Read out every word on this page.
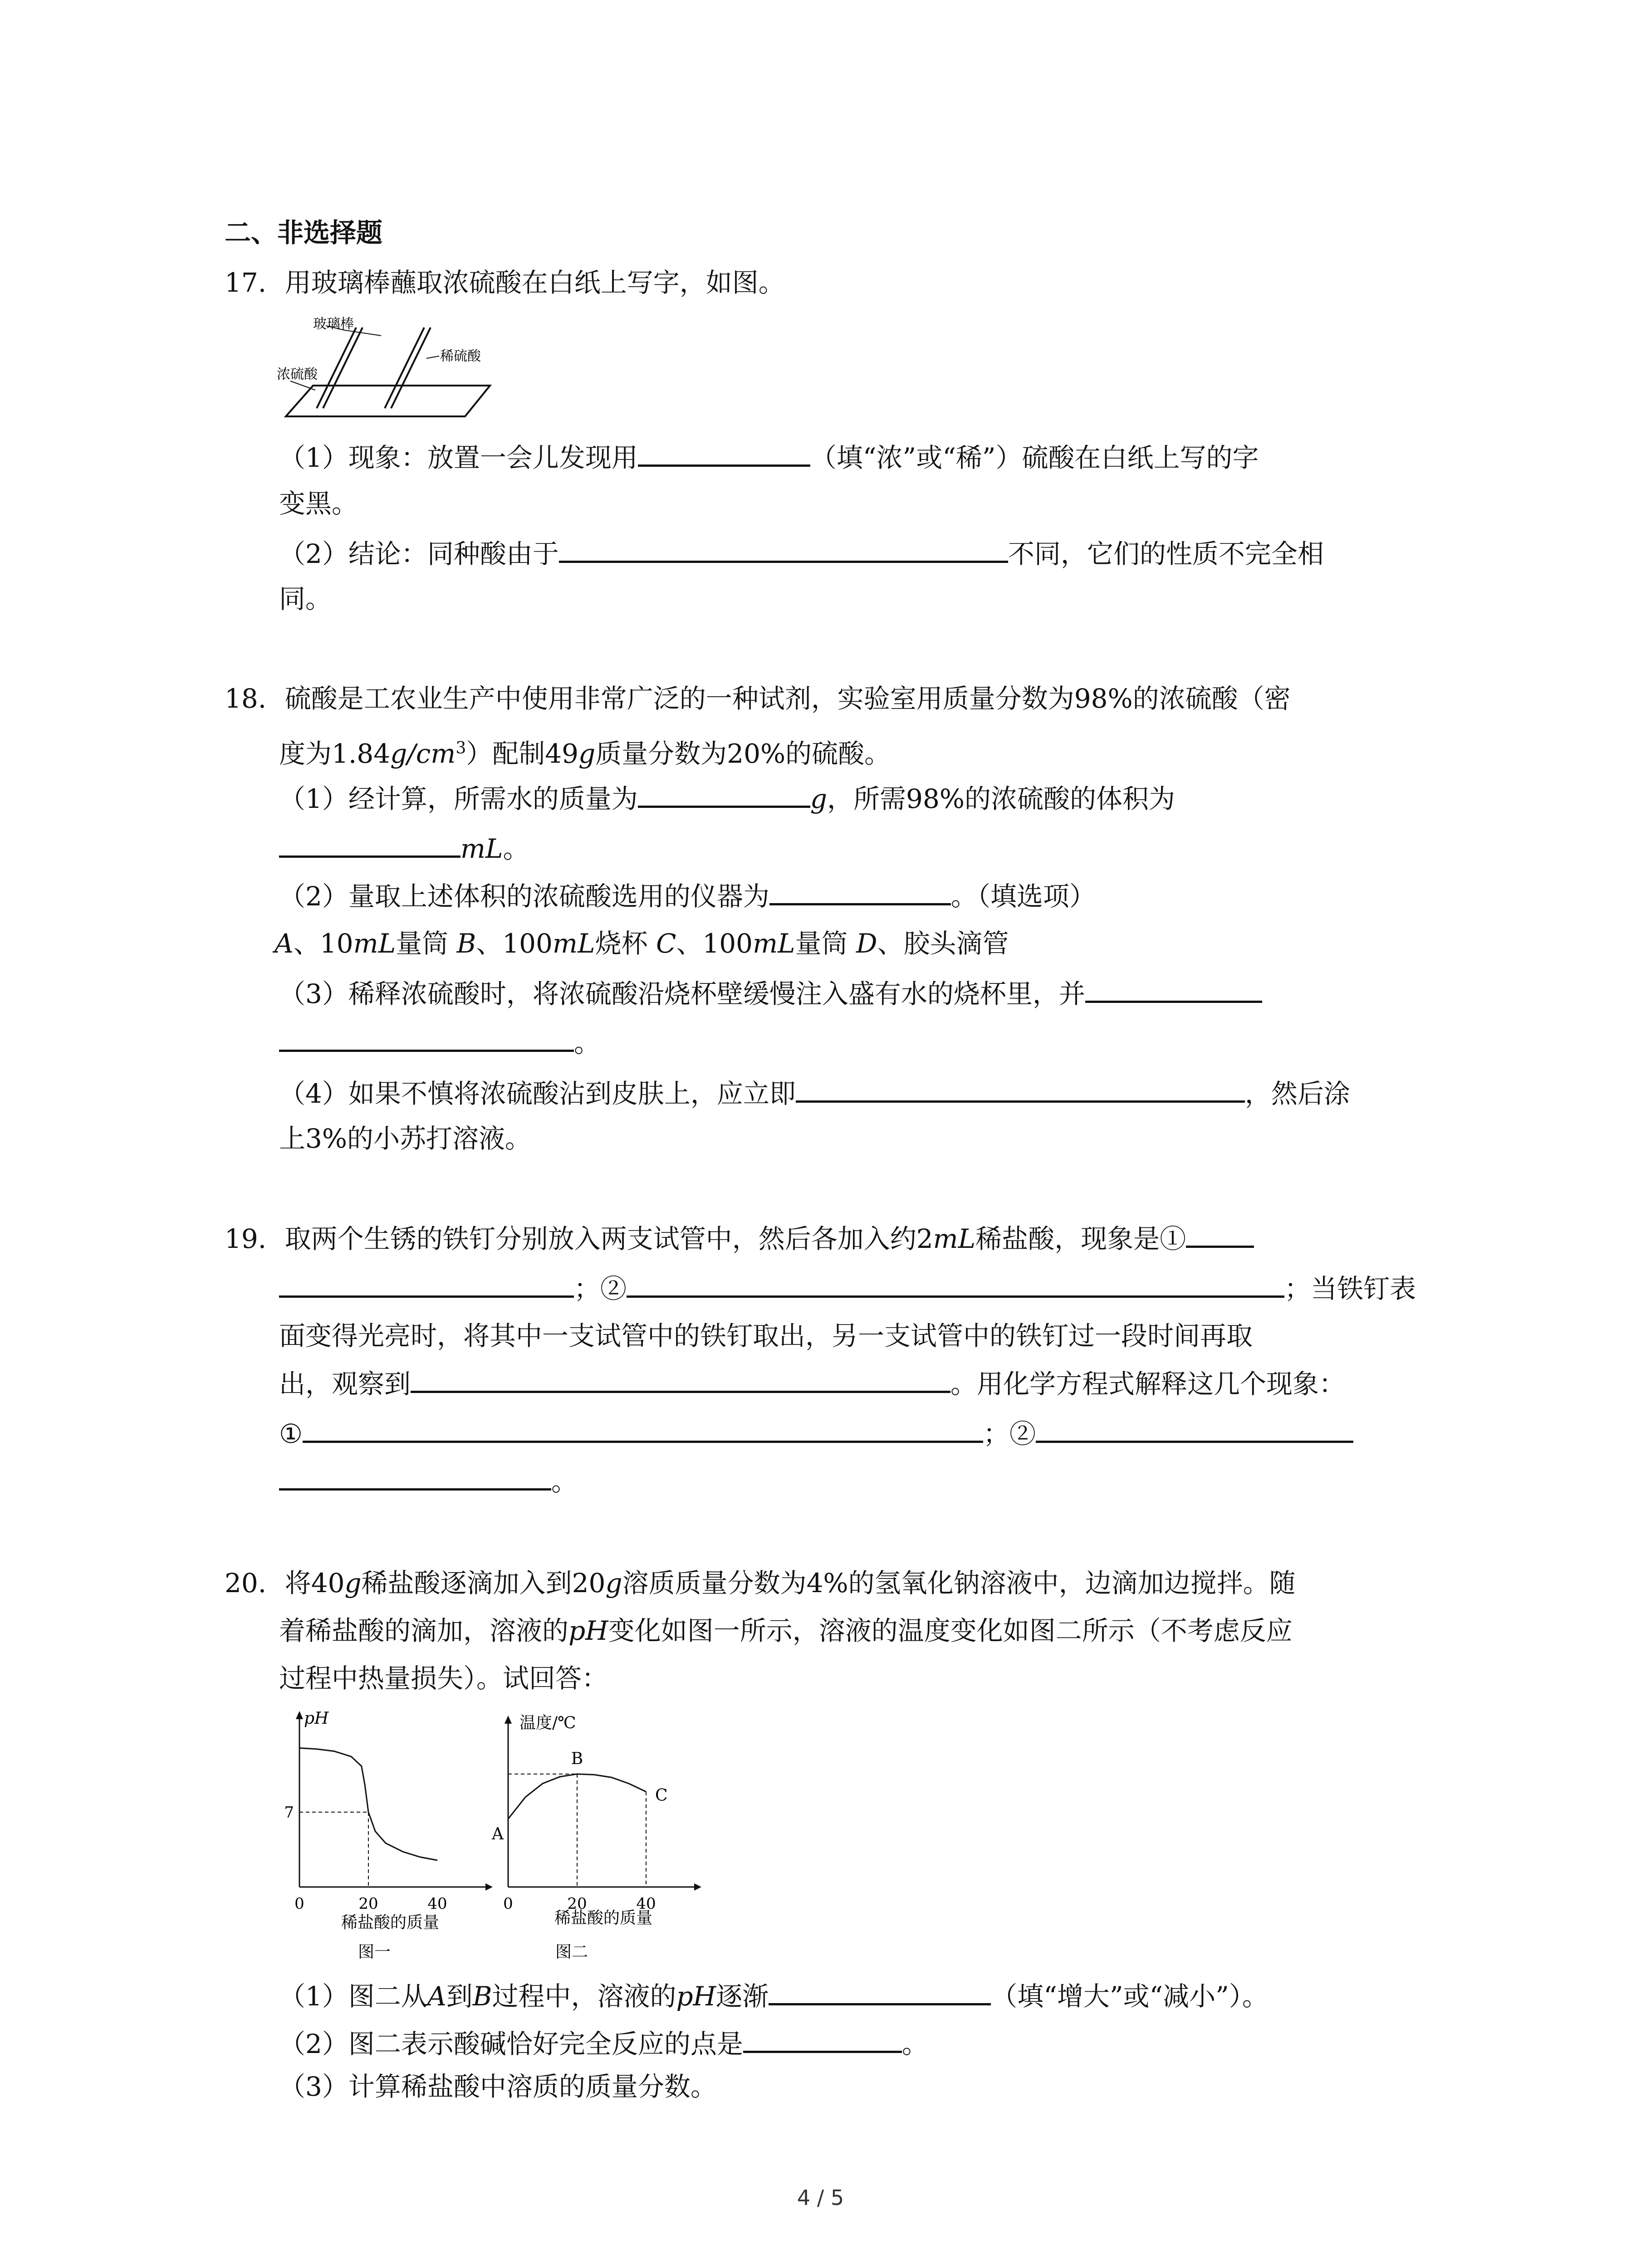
二、非选择题
17. 用玻璃棒蘸取浓硫酸在白纸上写字，如图。
玻璃棒
浓硫酸
稀硫酸
（1）现象：放置一会儿发现用	（填“浓”或“稀”）硫酸在白纸上写的字
变黑。
（2）结论：同种酸由于	不同，它们的性质不完全相
同。
18. 硫酸是工农业生产中使用非常广泛的一种试剂，实验室用质量分数为98%的浓硫酸（密
度为$1.84g/cm^3$）配制49g质量分数为20%的硫酸。
（1）经计算，所需水的质量为	g，所需98%的浓硫酸的体积为
mL。
（2）量取上述体积的浓硫酸选用的仪器为	。（填选项）
A、10mL量筒 B、100mL烧杯 C、100mL量筒 D、胶头滴管
（3）稀释浓硫酸时，将浓硫酸沿烧杯壁缓慢注入盛有水的烧杯里，并
。
（4）如果不慎将浓硫酸沾到皮肤上，应立即	，然后涂
上3%的小苏打溶液。
19. 取两个生锈的铁钉分别放入两支试管中，然后各加入约2mL稀盐酸，现象是①
；②	；当铁钉表
面变得光亮时，将其中一支试管中的铁钉取出，另一支试管中的铁钉过一段时间再取
出，观察到	。用化学方程式解释这几个现象：
①	；②
。
20. 将40g稀盐酸逐滴加入到20g溶质质量分数为4%的氢氧化钠溶液中，边滴加边搅拌。随
着稀盐酸的滴加，溶液的pH变化如图一所示，溶液的温度变化如图二所示（不考虑反应
过程中热量损失）。试回答：
pH
7
0	20	40
稀盐酸的质量
图一
温度/℃
0	20	40
A
B
C
稀盐酸的质量
图二
（1）图二从A到B过程中，溶液的pH逐渐	（填“增大”或“减小”）。
（2）图二表示酸碱恰好完全反应的点是	。
（3）计算稀盐酸中溶质的质量分数。
4 / 5
